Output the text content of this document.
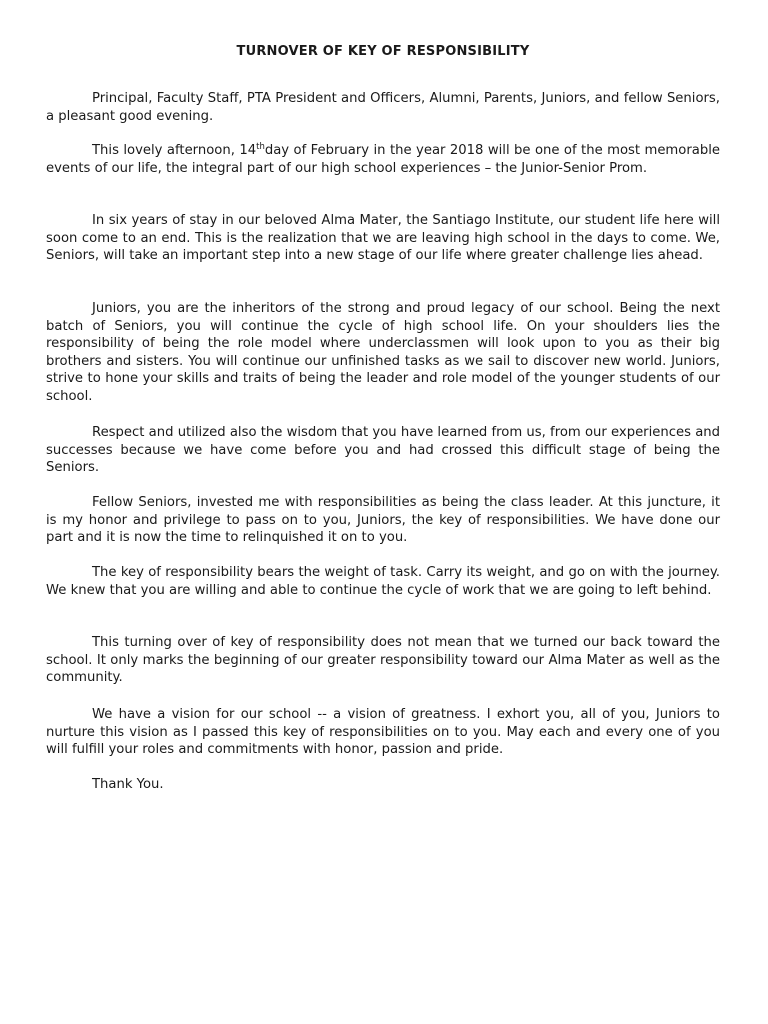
TURNOVER OF KEY OF RESPONSIBILITY

Principal, Faculty Staff, PTA President and Officers, Alumni, Parents, Juniors, and fellow Seniors, a pleasant good evening.

This lovely afternoon, 14thday of February in the year 2018 will be one of the most memorable events of our life, the integral part of our high school experiences – the Junior-Senior Prom.

In six years of stay in our beloved Alma Mater, the Santiago Institute, our student life here will soon come to an end. This is the realization that we are leaving high school in the days to come. We, Seniors, will take an important step into a new stage of our life where greater challenge lies ahead.

Juniors, you are the inheritors of the strong and proud legacy of our school. Being the next batch of Seniors, you will continue the cycle of high school life. On your shoulders lies the responsibility of being the role model where underclassmen will look upon to you as their big brothers and sisters. You will continue our unfinished tasks as we sail to discover new world. Juniors, strive to hone your skills and traits of being the leader and role model of the younger students of our school.

Respect and utilized also the wisdom that you have learned from us, from our experiences and successes because we have come before you and had crossed this difficult stage of being the Seniors.

Fellow Seniors, invested me with responsibilities as being the class leader. At this juncture, it is my honor and privilege to pass on to you, Juniors, the key of responsibilities. We have done our part and it is now the time to relinquished it on to you.

The key of responsibility bears the weight of task. Carry its weight, and go on with the journey. We knew that you are willing and able to continue the cycle of work that we are going to left behind.

This turning over of key of responsibility does not mean that we turned our back toward the school. It only marks the beginning of our greater responsibility toward our Alma Mater as well as the community.

We have a vision for our school -- a vision of greatness. I exhort you, all of you, Juniors to nurture this vision as I passed this key of responsibilities on to you. May each and every one of you will fulfill your roles and commitments with honor, passion and pride.

Thank You.
